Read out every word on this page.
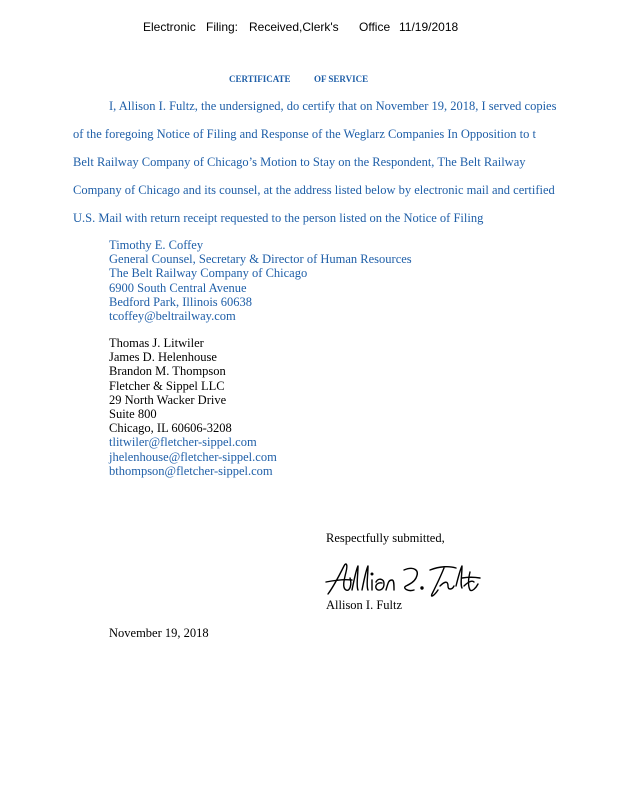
Electronic Filing: Received,Clerk's Office 11/19/2018
CERTIFICATE	OF SERVICE
I, Allison I. Fultz, the undersigned, do certify that on November 19, 2018, I served copies
of the foregoing Notice of Filing and Response of the Weglarz Companies In Opposition to t
Belt Railway Company of Chicago’s Motion to Stay on the Respondent, The Belt Railway
Company of Chicago and its counsel, at the address listed below by electronic mail and certified
U.S. Mail with return receipt requested to the person listed on the Notice of Filing
Timothy E. Coffey
General Counsel, Secretary & Director of Human Resources
The Belt Railway Company of Chicago
6900 South Central Avenue
Bedford Park, Illinois 60638
tcoffey@beltrailway.com
Thomas J. Litwiler
James D. Helenhouse
Brandon M. Thompson
Fletcher & Sippel LLC
29 North Wacker Drive
Suite 800
Chicago, IL 60606-3208
tlitwiler@fletcher-sippel.com
jhelenhouse@fletcher-sippel.com
bthompson@fletcher-sippel.com
Respectfully submitted,
Allison I. Fultz
November 19, 2018
